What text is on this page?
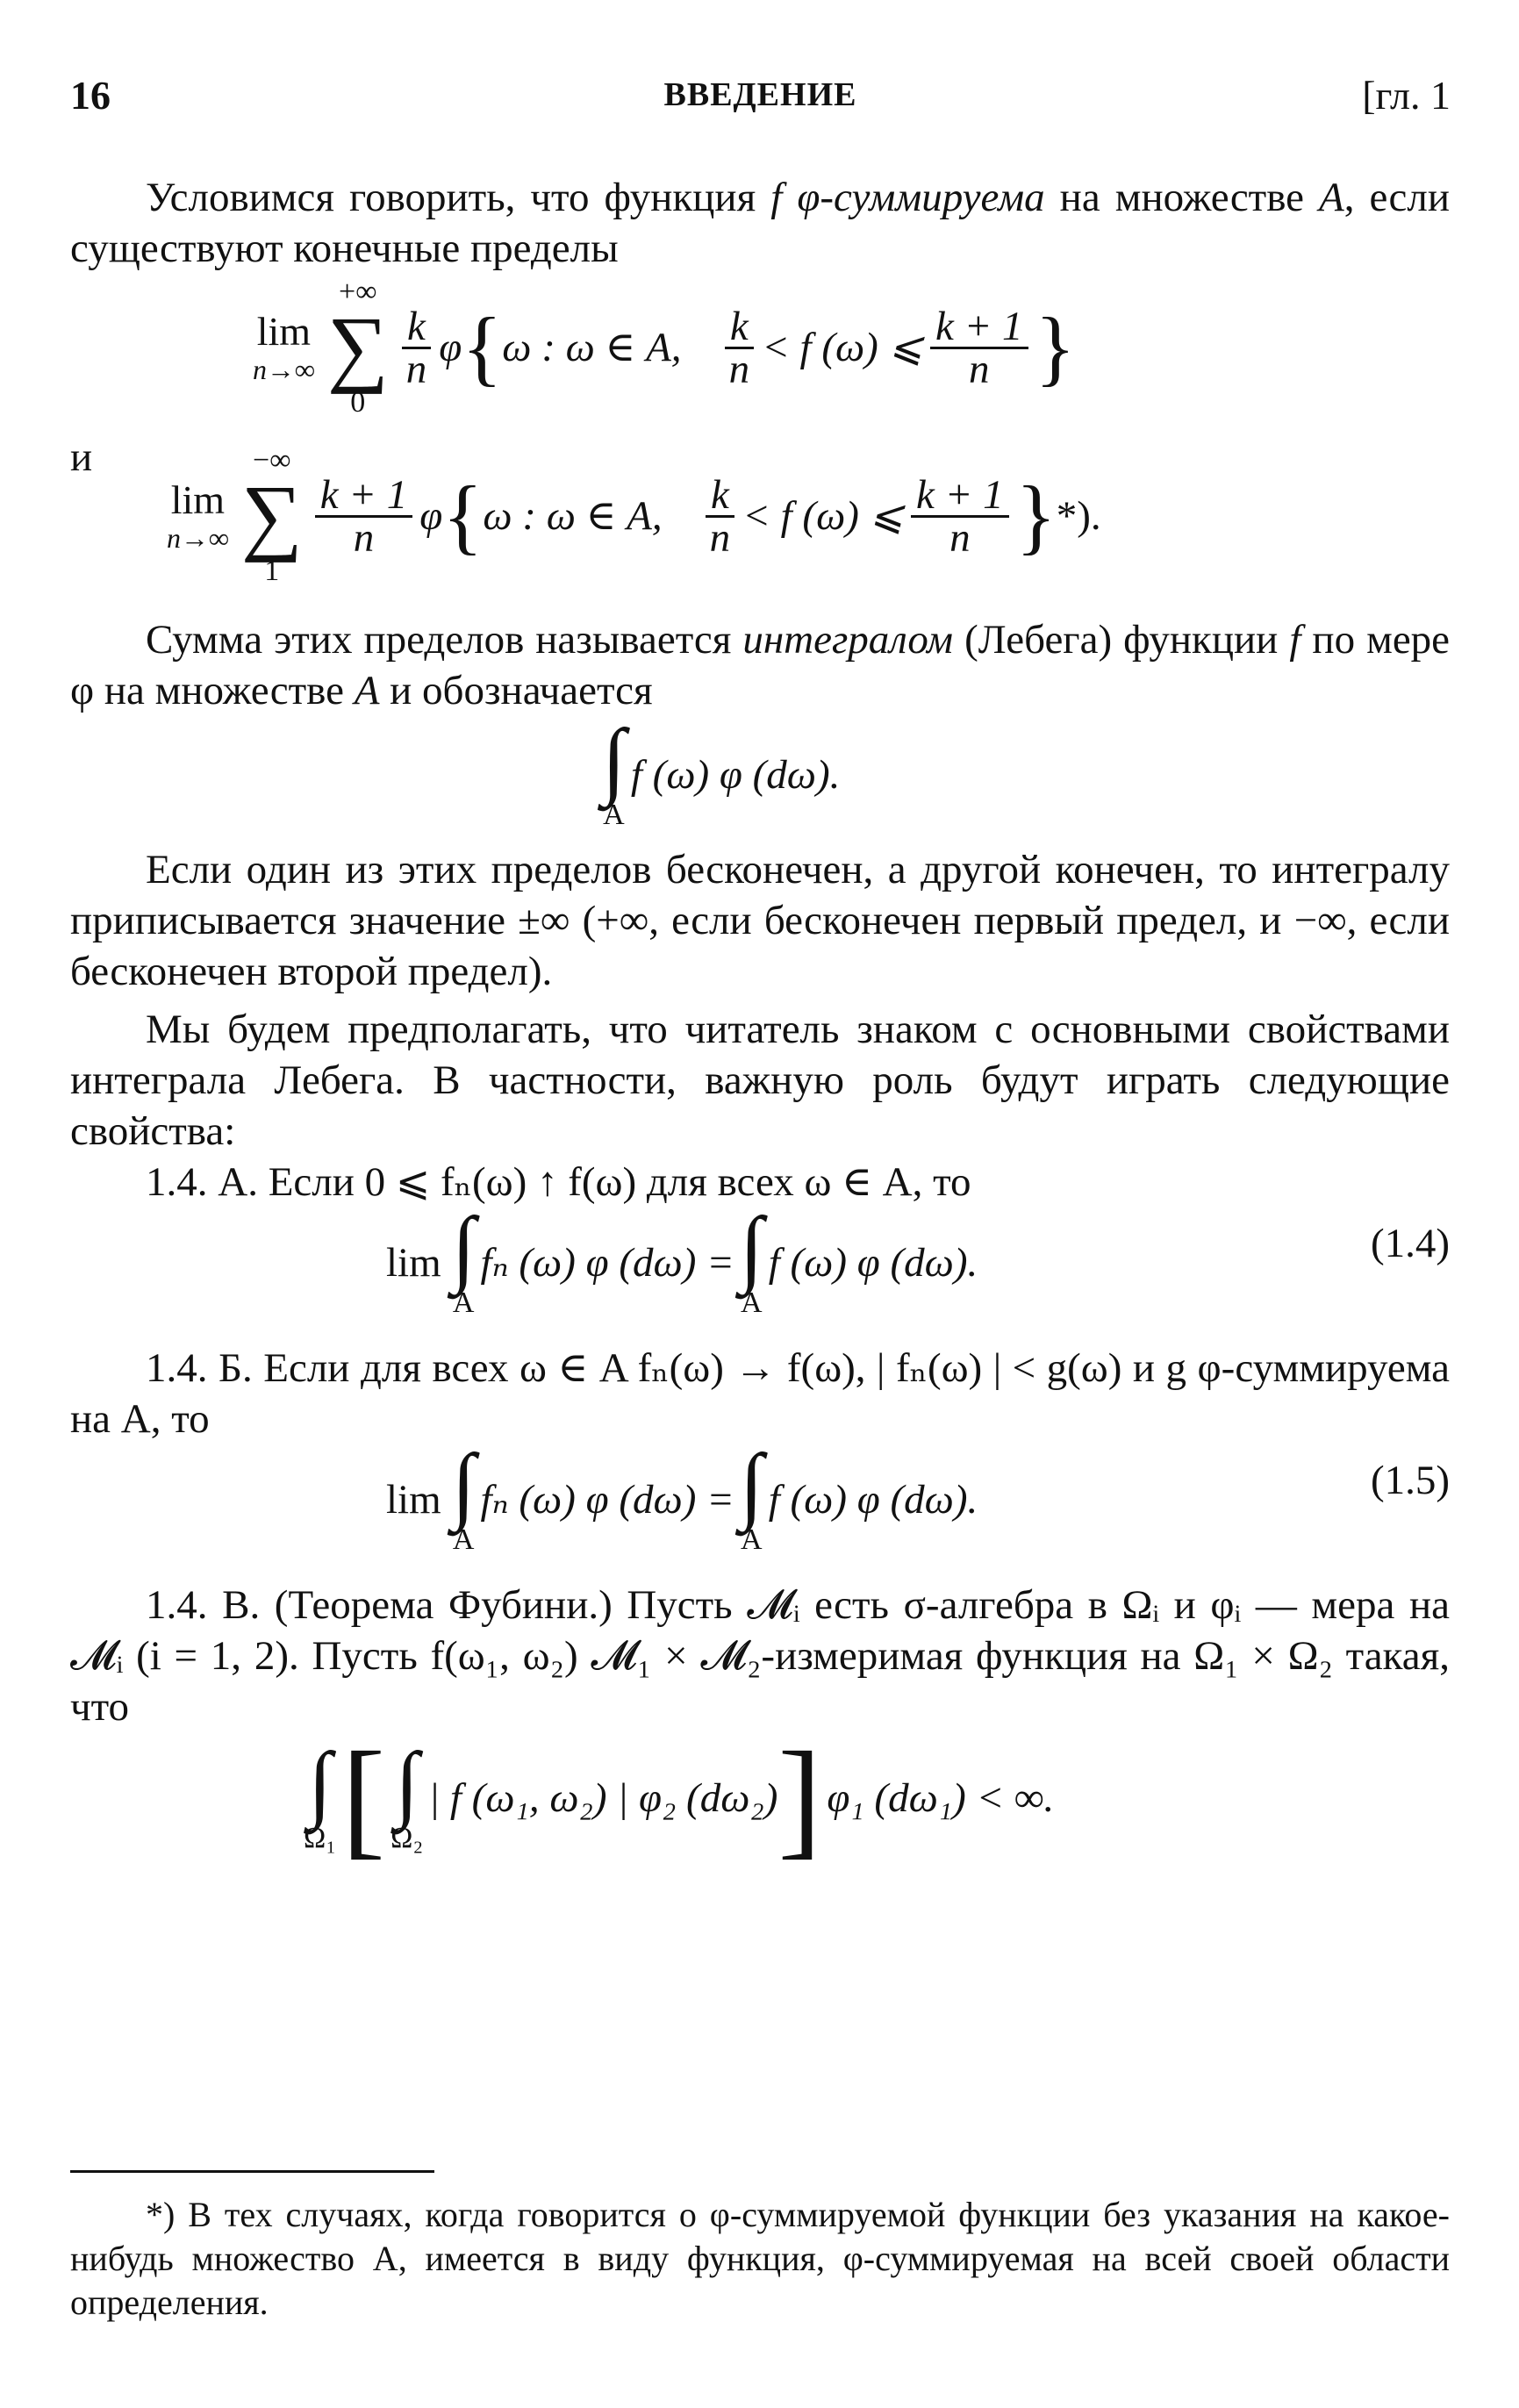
16	ВВЕДЕНИЕ	[гл. 1

Условимся говорить, что функция f φ-суммируема на множестве A, если существуют конечные пределы

lim
n→∞
+∞
∑
0
$\frac{k}{n}$ φ { ω : ω ∈ A, $\frac{k}{n} < f$ (ω) ⩽ $\frac{k + 1}{n}$ }
и
lim
n→∞
−∞
∑
1
$\frac{k + 1}{n}$ φ { ω : ω ∈ A, $\frac{k}{n} < f$ (ω) ⩽ $\frac{k + 1}{n}$ } *).

Сумма этих пределов называется интегралом (Лебега) функции f по мере φ на множестве A и обозначается

∫
A
f (ω) φ (dω).

Если один из этих пределов бесконечен, а другой конечен, то интегралу приписывается значение ±∞ (+∞, если бесконечен первый предел, и −∞, если бесконечен второй предел).

Мы будем предполагать, что читатель знаком с основными свойствами интеграла Лебега. В частности, важную роль будут играть следующие свойства:

1.4. А. Если 0 ⩽ fₙ(ω) ↑ f(ω) для всех ω ∈ A, то

lim ∫
A
fₙ (ω) φ (dω) = ∫
A
f (ω) φ (dω).	(1.4)

1.4. Б. Если для всех ω ∈ A fₙ(ω) → f(ω), | fₙ(ω) | < g(ω) и g φ-суммируема на A, то

lim ∫
A
fₙ (ω) φ (dω) = ∫
A
f (ω) φ (dω).	(1.5)

1.4. В. (Теорема Фубини.) Пусть 𝓜ᵢ есть σ-алгебра в Ωᵢ и φᵢ — мера на 𝓜ᵢ (i = 1, 2). Пусть f(ω₁, ω₂) 𝓜₁ × 𝓜₂-измеримая функция на Ω₁ × Ω₂ такая, что

∫
Ω₁ [ ∫
Ω₂
| f (ω₁, ω₂) | φ₂ (dω₂) ] φ₁ (dω₁) < ∞.

*) В тех случаях, когда говорится о φ-суммируемой функции без указания на какое-нибудь множество A, имеется в виду функция, φ-суммируемая на всей своей области определения.
